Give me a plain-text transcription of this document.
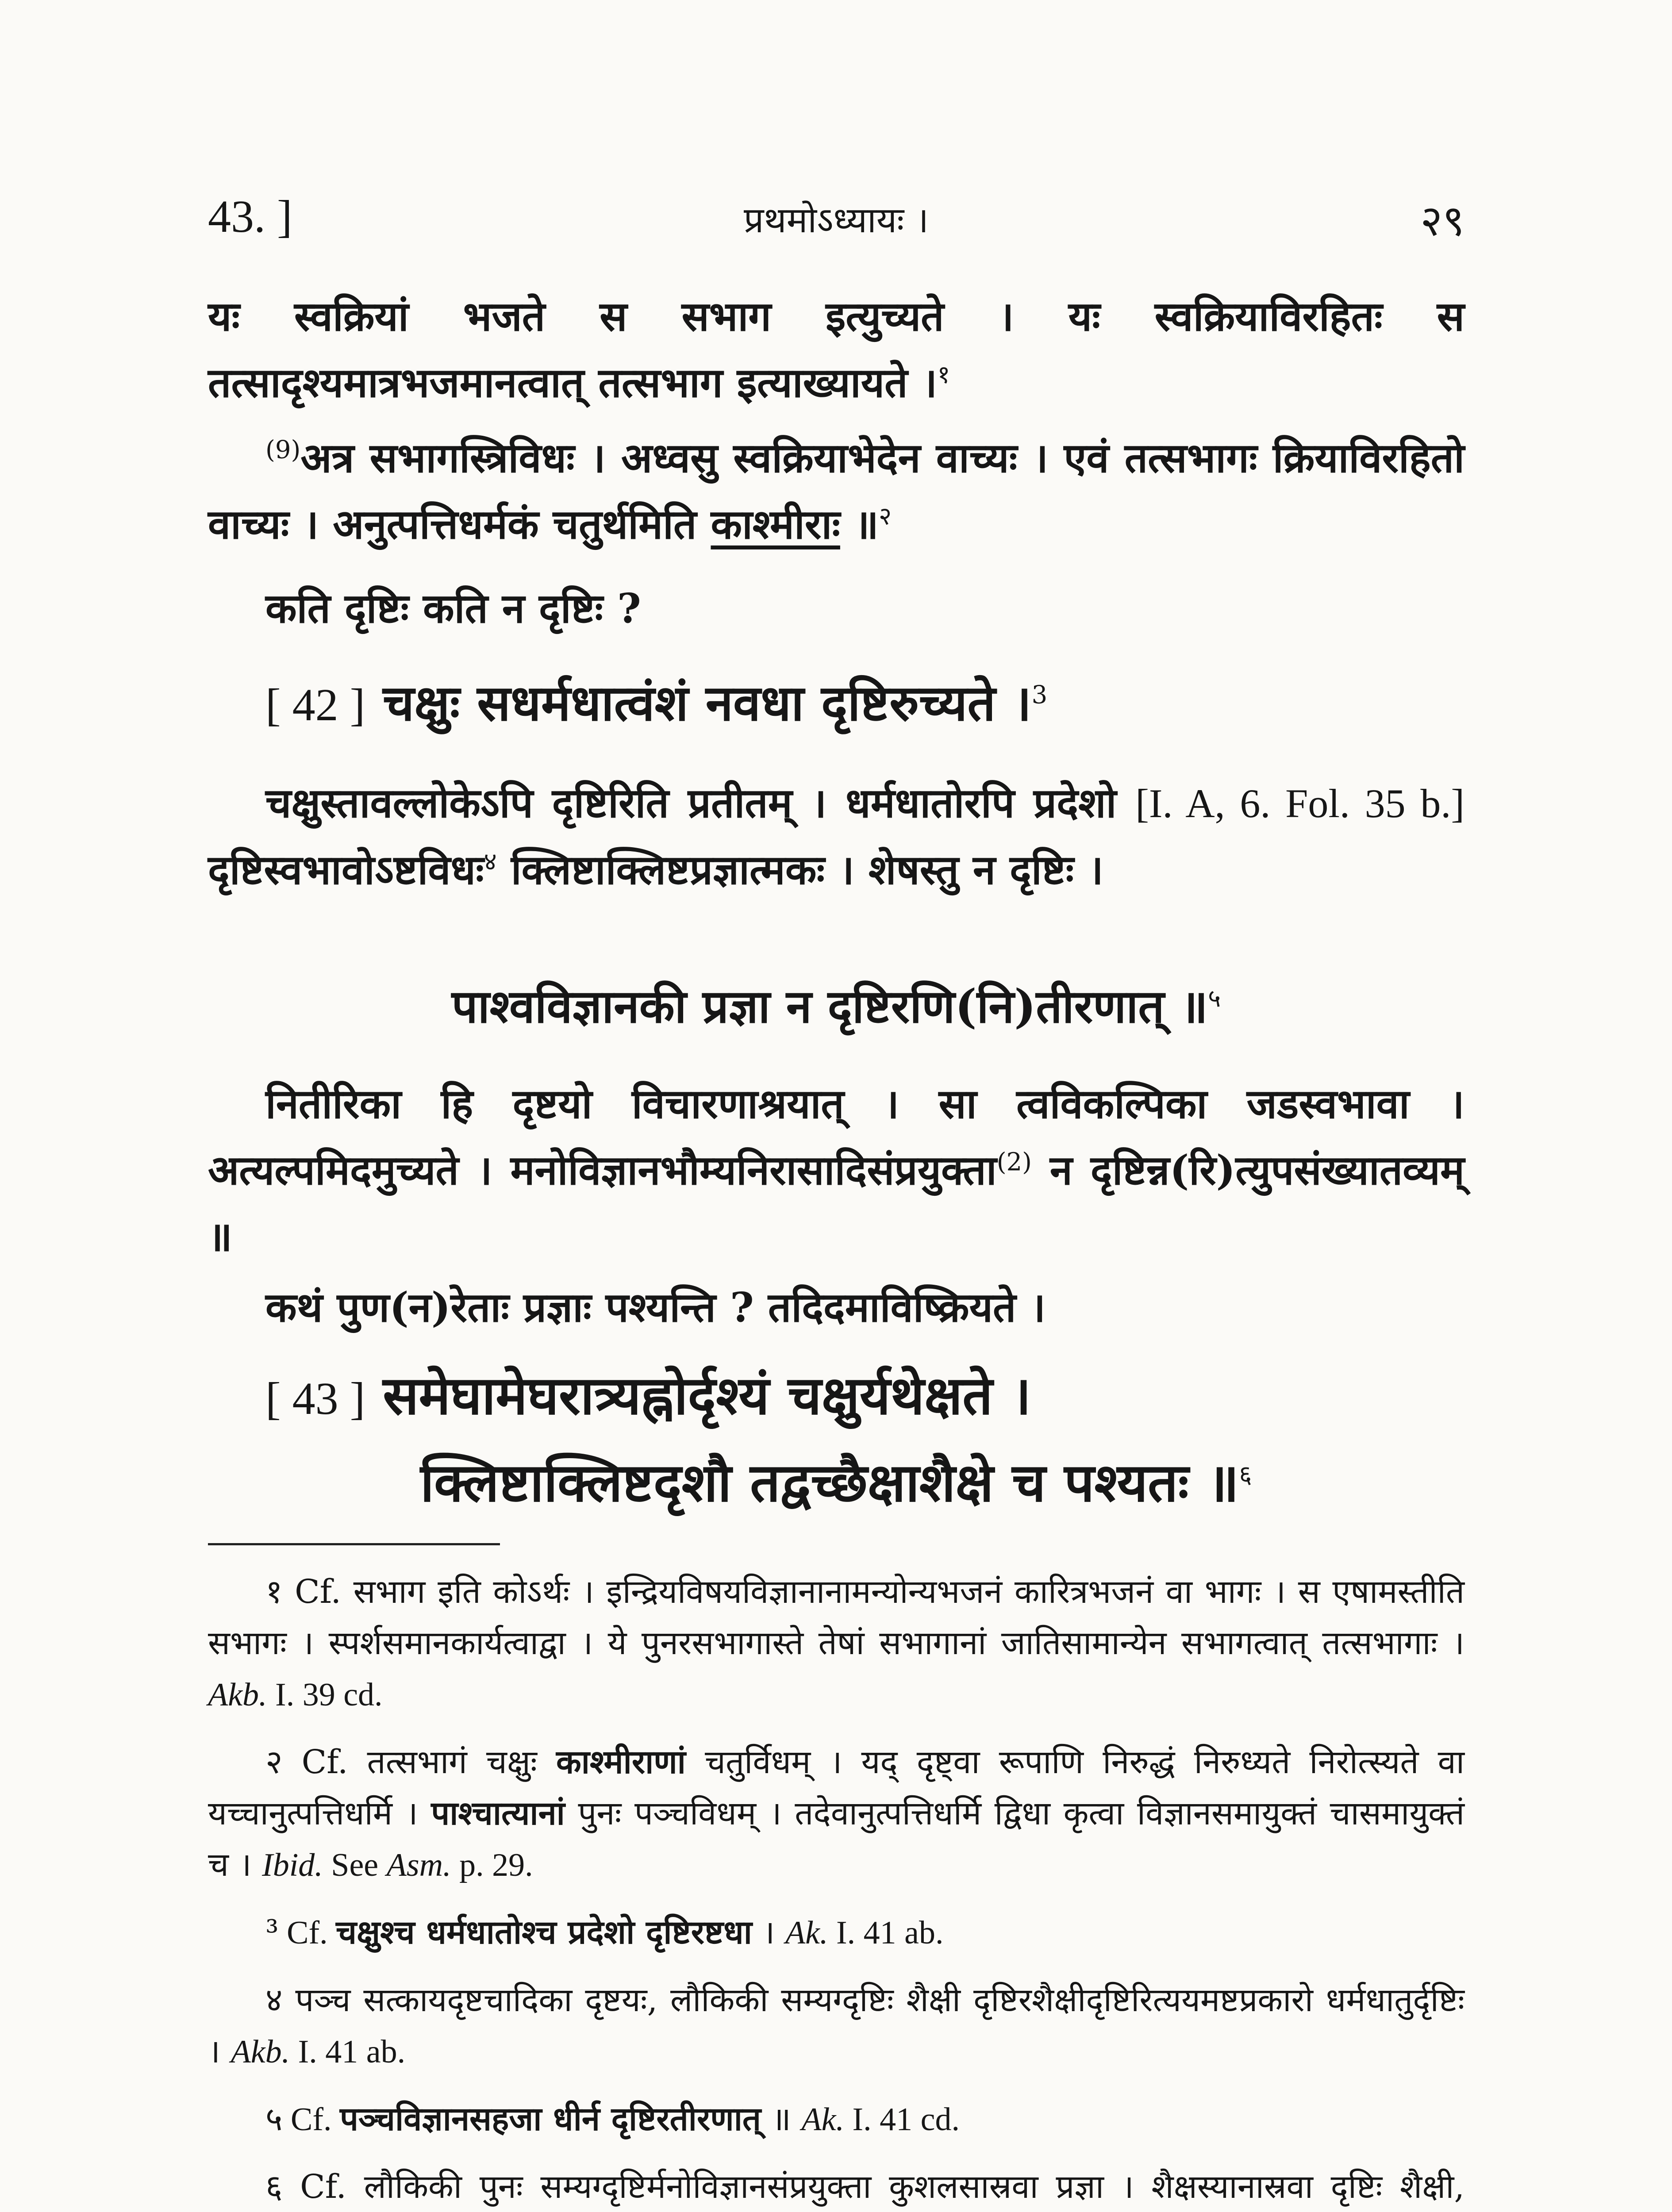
43. ]	प्रथमोऽध्यायः ।	२९

यः स्वक्रियां भजते स सभाग इत्युच्यते । यः स्वक्रियाविरहितः स तत्सादृश्यमात्रभजमानत्वात् तत्सभाग इत्याख्यायते ।$^१$

$^{(9)}$अत्र सभागस्त्रिविधः । अध्वसु स्वक्रियाभेदेन वाच्यः । एवं तत्सभागः क्रियाविरहितो वाच्यः । अनुत्पत्तिधर्मकं चतुर्थमिति काश्मीराः ॥$^२$

कति दृष्टिः कति न दृष्टिः ?

[ 42 ] चक्षुः सधर्मधात्वंशं नवधा दृष्टिरुच्यते ।$^3$

चक्षुस्तावल्लोकेऽपि दृष्टिरिति प्रतीतम् । धर्मधातोरपि प्रदेशो [I. A, 6. Fol. 35 b.] दृष्टिस्वभावोऽष्टविधः$^४$ क्लिष्टाक्लिष्टप्रज्ञात्मकः । शेषस्तु न दृष्टिः ।

पाश्वविज्ञानकी प्रज्ञा न दृष्टिरणि(नि)तीरणात् ॥$^५$

नितीरिका हि दृष्टयो विचारणाश्रयात् । सा त्वविकल्पिका जडस्वभावा । अत्यल्पमिदमुच्यते । मनोविज्ञानभौम्यनिरासादिसंप्रयुक्ता$^{(2)}$ न दृष्टिन्न(रि)त्युपसंख्यातव्यम् ॥

कथं पुण(न)रेताः प्रज्ञाः पश्यन्ति ? तदिदमाविष्क्रियते ।

[ 43 ] समेघामेघरात्र्यह्नोर्दृश्यं चक्षुर्यथेक्षते ।
क्लिष्टाक्लिष्टदृशौ तद्वच्छैक्षाशैक्षे च पश्यतः ॥$^६$

१ Cf. सभाग इति कोऽर्थः । इन्द्रियविषयविज्ञानानामन्योन्यभजनं कारित्रभजनं वा भागः । स एषामस्तीति सभागः । स्पर्शसमानकार्यत्वाद्वा । ये पुनरसभागास्ते तेषां सभागानां जातिसामान्येन सभागत्वात् तत्सभागाः । Akb. I. 39 cd.

२ Cf. तत्सभागं चक्षुः काश्मीराणां चतुर्विधम् । यद् दृष्ट्वा रूपाणि निरुद्धं निरुध्यते निरोत्स्यते वा यच्चानुत्पत्तिधर्मि । पाश्चात्यानां पुनः पञ्चविधम् । तदेवानुत्पत्तिधर्मि द्विधा कृत्वा विज्ञानसमायुक्तं चासमायुक्तं च । Ibid. See Asm. p. 29.

³ Cf. चक्षुश्च धर्मधातोश्च प्रदेशो दृष्टिरष्टधा । Ak. I. 41 ab.

४ पञ्च सत्कायदृष्टचादिका दृष्टयः, लौकिकी सम्यग्दृष्टिः शैक्षी दृष्टिरशैक्षीदृष्टिरित्ययमष्टप्रकारो धर्मधातुर्दृष्टिः । Akb. I. 41 ab.

५ Cf. पञ्चविज्ञानसहजा धीर्न दृष्टिरतीरणात् ॥ Ak. I. 41 cd.

६ Cf. लौकिकी पुनः सम्यग्दृष्टिर्मनोविज्ञानसंप्रयुक्ता कुशलसास्रवा प्रज्ञा । शैक्षस्यानास्रवा दृष्टिः शैक्षी,
